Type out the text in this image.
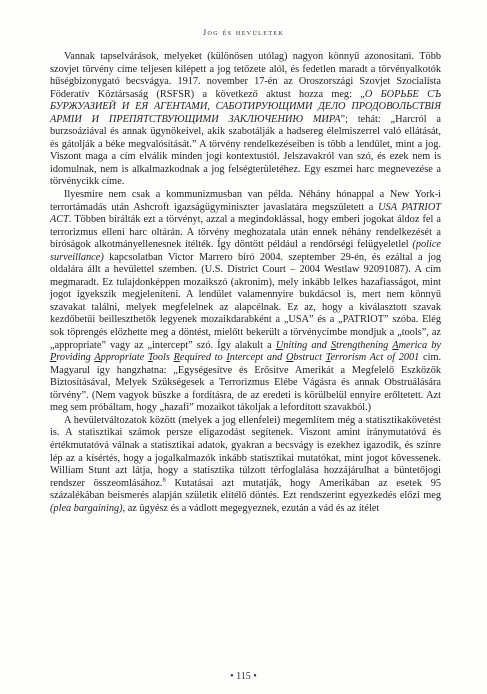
Jog és hevületek

Vannak tapselvárások, melyeket (különösen utólag) nagyon könnyű azonosítani. Több szovjet törvény címe teljesen kilépett a jog tetőzete alól, és fedetlen maradt a törvényalkotók hűségbizonygató becsvágya. 1917. november 17-én az Oroszországi Szovjet Szocialista Föderatív Köztársaság (RSFSR) a következő aktust hozza meg: „О БОРЬБЕ СЪ БУРЖУАЗИЕЙ И ЕЯ АГЕНТАМИ, САБОТИРУЮЩИМИ ДЕЛО ПРОДОВОЛЬСТВІЯ АРМІИ И ПРЕПЯТСТВУЮЩИМИ ЗАКЛЮЧЕНИЮ МИРА”; tehát: „Harcról a burzsoáziával és annak ügynökeivel, akik szabotálják a hadsereg élelmiszerrel való ellátását, és gátolják a béke megvalósítását.” A törvény rendelkezéseiben is több a lendület, mint a jog. Viszont maga a cím elválik minden jogi kontextustól. Jelszavakról van szó, és ezek nem is idomulnak, nem is alkalmazkodnak a jog felségterületéhez. Egy eszmei harc megnevezése a törvénycikk címe.

Ilyesmire nem csak a kommunizmusban van példa. Néhány hónappal a New York-i terrortámadás után Ashcroft igazságügyminiszter javaslatára megszületett a USA PATRIOT ACT. Többen bírálták ezt a törvényt, azzal a megindoklással, hogy emberi jogokat áldoz fel a terrorizmus elleni harc oltárán. A törvény meghozatala után ennek néhány rendelkezését a bíróságok alkotmányellenesnek ítélték. Így döntött például a rendőrségi felügyeletlel (police surveillance) kapcsolatban Victor Marrero bíró 2004. szeptember 29-én, és ezáltal a jog oldalára állt a hevülettel szemben. (U.S. District Court – 2004 Westlaw 92091087). A cím megmaradt. Ez tulajdonképpen mozaikszó (akronim), mely inkább lelkes hazafiasságot, mint jogot igyekszik megjeleníteni. A lendület valamennyire bukdácsol is, mert nem könnyű szavakat találni, melyek megfelelnek az alapcélnak. Ez az, hogy a kiválasztott szavak kezdőbetűi beilleszthetők legyenek mozaikdarabként a „USA” és a „PATRIOT” szóba. Elég sok töprengés előzhette meg a döntést, mielőtt bekerült a törvénycímbe mondjuk a „tools”, az „appropriate” vagy az „intercept” szó. Így alakult a Uniting and Strengthening America by Providing Appropriate Tools Required to Intercept and Obstruct Terrorism Act of 2001 cím. Magyarul így hangzhatna: „Egységesítve és Erősítve Amerikát a Megfelelő Eszközök Biztosításával, Melyek Szükségesek a Terrorizmus Elébe Vágásra és annak Obstruálására törvény”. (Nem vagyok büszke a fordításra, de az eredeti is körülbelül ennyire erőltetett. Azt meg sem próbáltam, hogy „hazafi” mozaikot tákoljak a lefordított szavakból.)

A hevületváltozatok között (melyek a jog ellenfelei) megemlítem még a statisztikakövetést is. A statisztikai számok persze eligazodást segítenek. Viszont amint iránymutatóvá és értékmutatóvá válnak a statisztikai adatok, gyakran a becsvágy is ezekhez igazodik, és színre lép az a kísértés, hogy a jogalkalmazók inkább statisztikai mutatókat, mint jogot kövessenek. William Stunt azt látja, hogy a statisztika túlzott térfoglalása hozzájárulhat a büntetőjogi rendszer összeomlásához.$^8$ Kutatásai azt mutatják, hogy Amerikában az esetek 95 százalékában beismerés alapján születik elítélő döntés. Ezt rendszerint egyezkedés előzi meg (plea bargaining), az ügyész és a vádlott megegyeznek, ezután a vád és az ítélet

• 115 •
